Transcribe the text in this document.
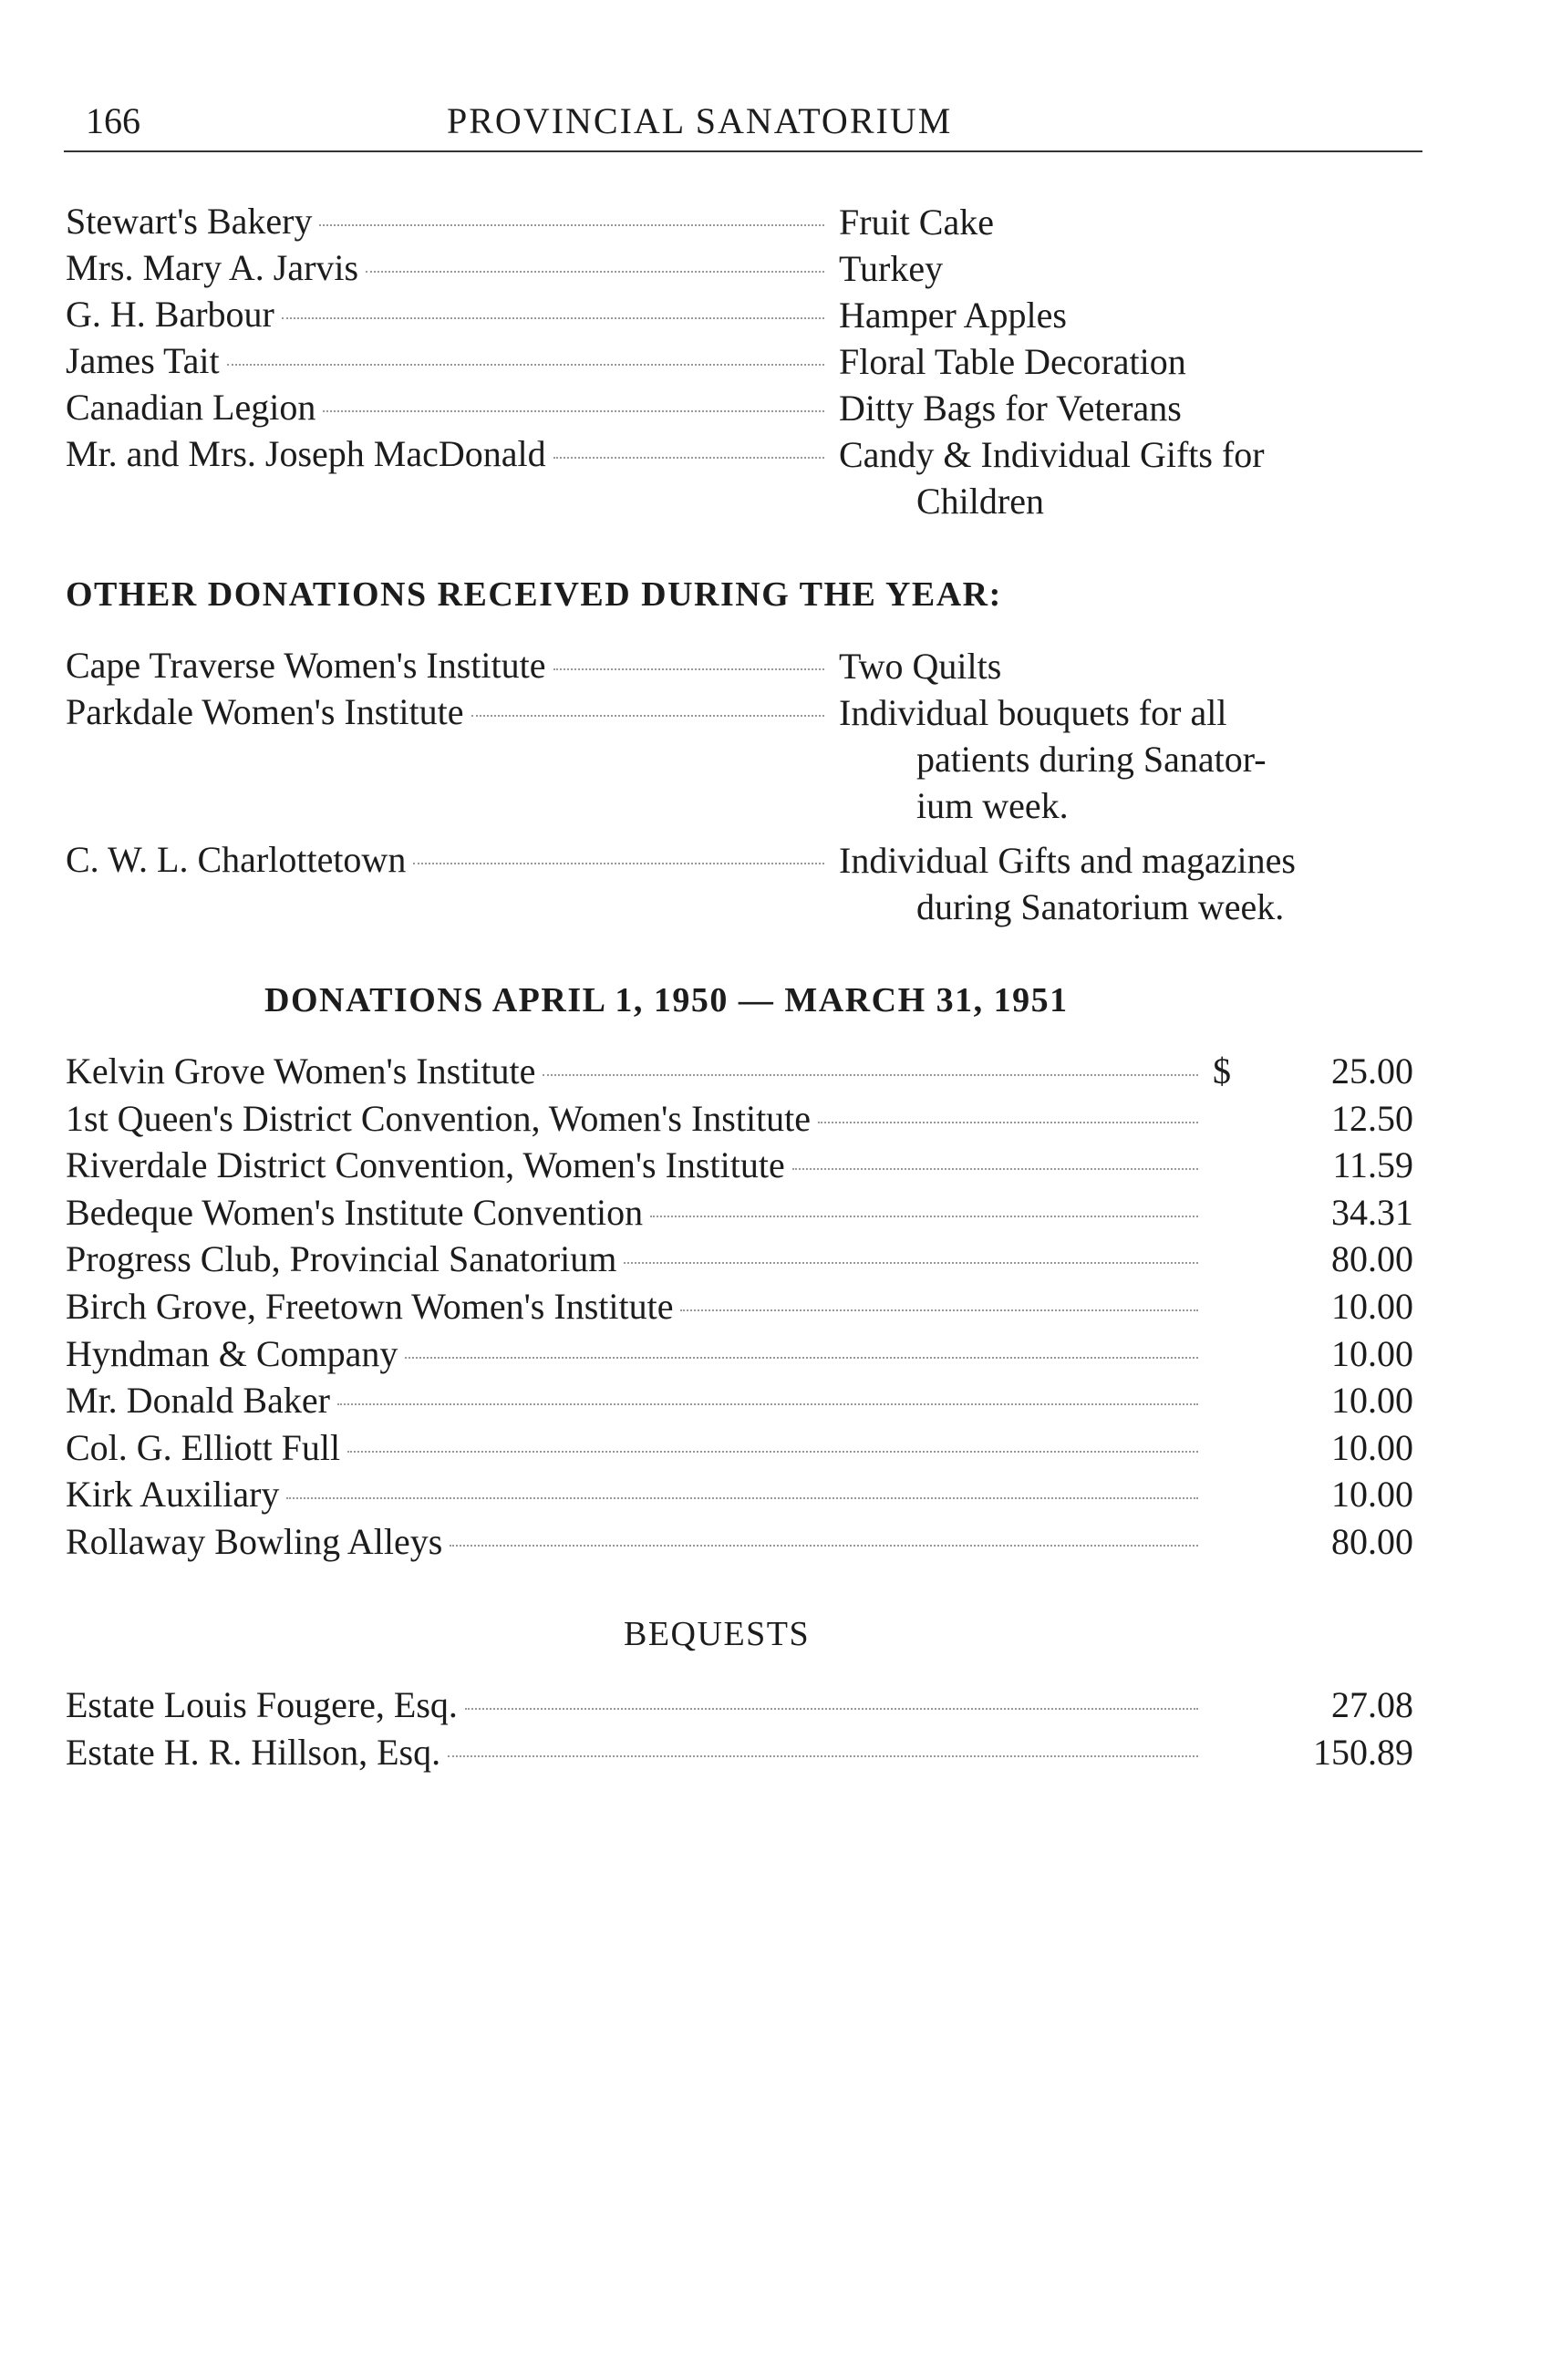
166	PROVINCIAL SANATORIUM
Stewart's Bakery	Fruit Cake
Mrs. Mary A. Jarvis	Turkey
G. H. Barbour	Hamper Apples
James Tait	Floral Table Decoration
Canadian Legion	Ditty Bags for Veterans
Mr. and Mrs. Joseph MacDonald	Candy & Individual Gifts for
Children
OTHER DONATIONS RECEIVED DURING THE YEAR:
Cape Traverse Women's Institute	Two Quilts
Parkdale Women's Institute	Individual bouquets for all
patients during Sanator-
ium week.
C. W. L. Charlottetown	Individual Gifts and magazines
during Sanatorium week.
DONATIONS APRIL 1, 1950 — MARCH 31, 1951
Kelvin Grove Women's Institute	$	25.00
1st Queen's District Convention, Women's Institute	12.50
Riverdale District Convention, Women's Institute	11.59
Bedeque Women's Institute Convention	34.31
Progress Club, Provincial Sanatorium	80.00
Birch Grove, Freetown Women's Institute	10.00
Hyndman & Company	10.00
Mr. Donald Baker	10.00
Col. G. Elliott Full	10.00
Kirk Auxiliary	10.00
Rollaway Bowling Alleys	80.00
BEQUESTS
Estate Louis Fougere, Esq.	27.08
Estate H. R. Hillson, Esq.	150.89
